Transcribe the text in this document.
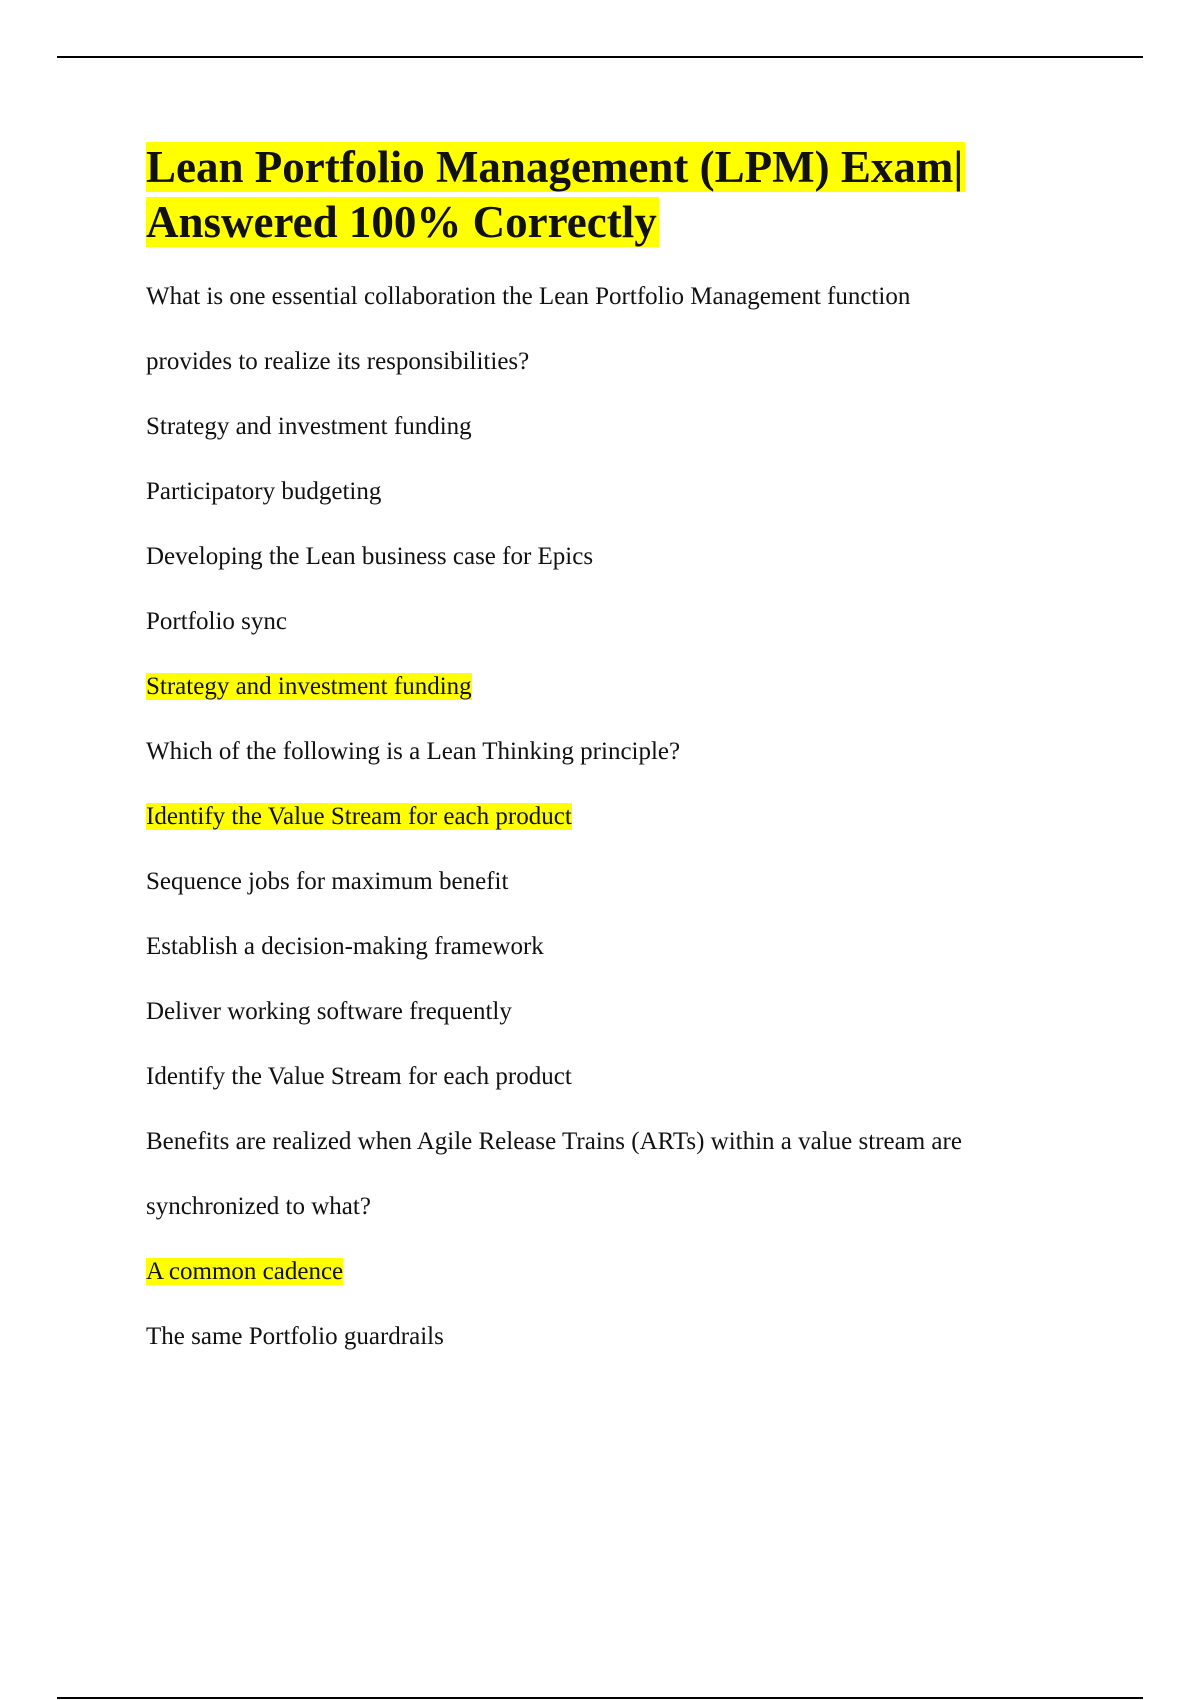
Lean Portfolio Management (LPM) Exam|
Answered 100% Correctly
What is one essential collaboration the Lean Portfolio Management function
provides to realize its responsibilities?
Strategy and investment funding
Participatory budgeting
Developing the Lean business case for Epics
Portfolio sync
Strategy and investment funding
Which of the following is a Lean Thinking principle?
Identify the Value Stream for each product
Sequence jobs for maximum benefit
Establish a decision-making framework
Deliver working software frequently
Identify the Value Stream for each product
Benefits are realized when Agile Release Trains (ARTs) within a value stream are
synchronized to what?
A common cadence
The same Portfolio guardrails
